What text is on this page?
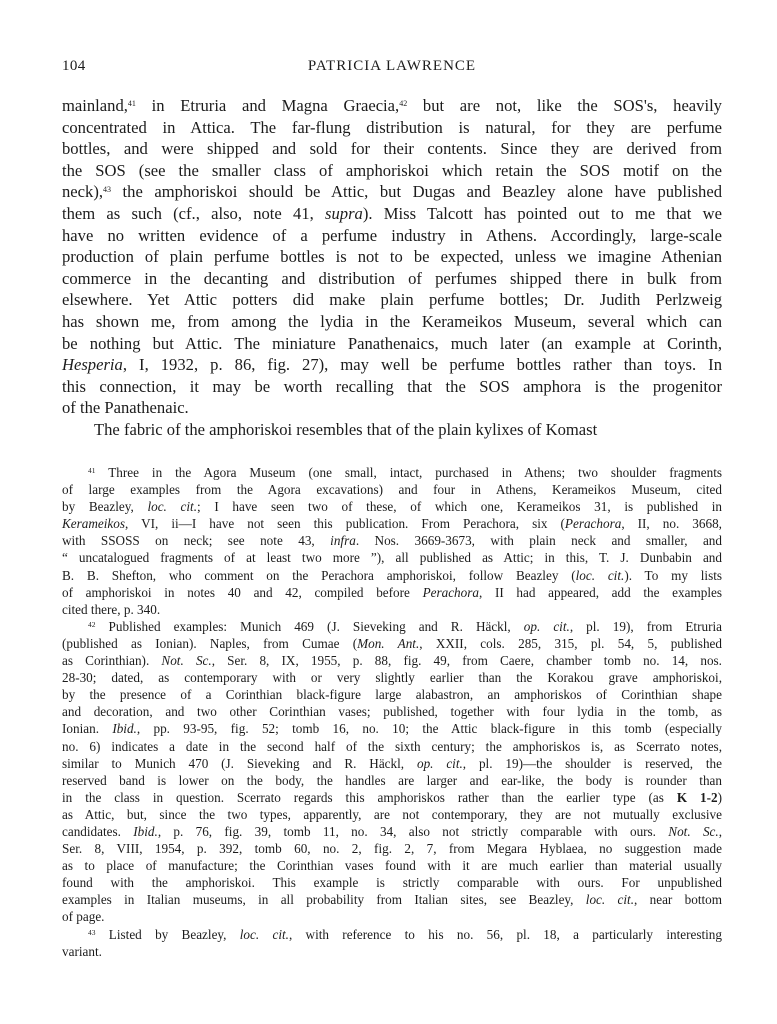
104	PATRICIA LAWRENCE
mainland,$^{41}$ in Etruria and Magna Graecia,$^{42}$ but are not, like the SOS's, heavily
concentrated in Attica. The far-flung distribution is natural, for they are perfume
bottles, and were shipped and sold for their contents. Since they are derived from
the SOS (see the smaller class of amphoriskoi which retain the SOS motif on the
neck),$^{43}$ the amphoriskoi should be Attic, but Dugas and Beazley alone have published
them as such (cf., also, note 41, supra). Miss Talcott has pointed out to me that we
have no written evidence of a perfume industry in Athens. Accordingly, large-scale
production of plain perfume bottles is not to be expected, unless we imagine Athenian
commerce in the decanting and distribution of perfumes shipped there in bulk from
elsewhere. Yet Attic potters did make plain perfume bottles; Dr. Judith Perlzweig
has shown me, from among the lydia in the Kerameikos Museum, several which can
be nothing but Attic. The miniature Panathenaics, much later (an example at Corinth,
Hesperia, I, 1932, p. 86, fig. 27), may well be perfume bottles rather than toys. In
this connection, it may be worth recalling that the SOS amphora is the progenitor
of the Panathenaic.
The fabric of the amphoriskoi resembles that of the plain kylixes of Komast
$^{41}$ Three in the Agora Museum (one small, intact, purchased in Athens; two shoulder fragments
of large examples from the Agora excavations) and four in Athens, Kerameikos Museum, cited
by Beazley, loc. cit.; I have seen two of these, of which one, Kerameikos 31, is published in
Kerameikos, VI, ii—I have not seen this publication. From Perachora, six (Perachora, II, no. 3668,
with SSOSS on neck; see note 43, infra. Nos. 3669-3673, with plain neck and smaller, and
“ uncatalogued fragments of at least two more ”), all published as Attic; in this, T. J. Dunbabin and
B. B. Shefton, who comment on the Perachora amphoriskoi, follow Beazley (loc. cit.). To my lists
of amphoriskoi in notes 40 and 42, compiled before Perachora, II had appeared, add the examples
cited there, p. 340.
$^{42}$ Published examples: Munich 469 (J. Sieveking and R. Häckl, op. cit., pl. 19), from Etruria
(published as Ionian). Naples, from Cumae (Mon. Ant., XXII, cols. 285, 315, pl. 54, 5, published
as Corinthian). Not. Sc., Ser. 8, IX, 1955, p. 88, fig. 49, from Caere, chamber tomb no. 14, nos.
28-30; dated, as contemporary with or very slightly earlier than the Korakou grave amphoriskoi,
by the presence of a Corinthian black-figure large alabastron, an amphoriskos of Corinthian shape
and decoration, and two other Corinthian vases; published, together with four lydia in the tomb, as
Ionian. Ibid., pp. 93-95, fig. 52; tomb 16, no. 10; the Attic black-figure in this tomb (especially
no. 6) indicates a date in the second half of the sixth century; the amphoriskos is, as Scerrato notes,
similar to Munich 470 (J. Sieveking and R. Häckl, op. cit., pl. 19)—the shoulder is reserved, the
reserved band is lower on the body, the handles are larger and ear-like, the body is rounder than
in the class in question. Scerrato regards this amphoriskos rather than the earlier type (as K 1-2)
as Attic, but, since the two types, apparently, are not contemporary, they are not mutually exclusive
candidates. Ibid., p. 76, fig. 39, tomb 11, no. 34, also not strictly comparable with ours. Not. Sc.,
Ser. 8, VIII, 1954, p. 392, tomb 60, no. 2, fig. 2, 7, from Megara Hyblaea, no suggestion made
as to place of manufacture; the Corinthian vases found with it are much earlier than material usually
found with the amphoriskoi. This example is strictly comparable with ours. For unpublished
examples in Italian museums, in all probability from Italian sites, see Beazley, loc. cit., near bottom
of page.
$^{43}$ Listed by Beazley, loc. cit., with reference to his no. 56, pl. 18, a particularly interesting
variant.
